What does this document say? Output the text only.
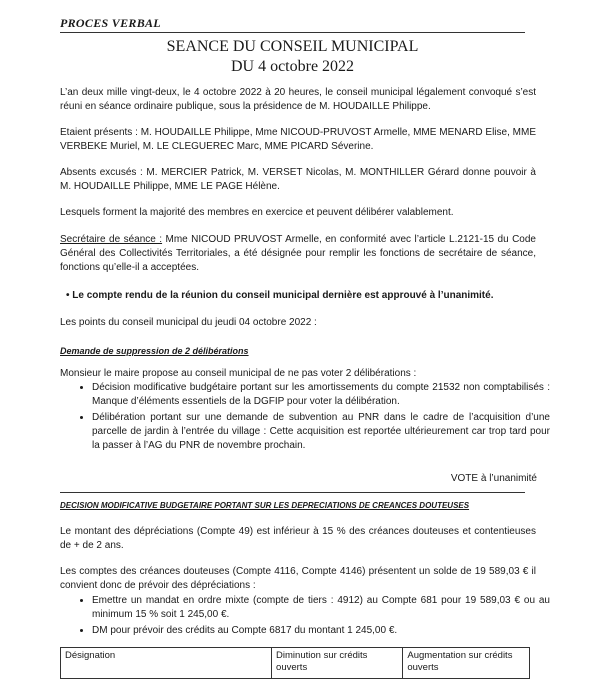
PROCES VERBAL
SEANCE DU CONSEIL MUNICIPAL
DU 4 octobre 2022

L’an deux mille vingt-deux, le 4 octobre 2022 à 20 heures, le conseil municipal légalement convoqué s’est réuni en séance ordinaire publique, sous la présidence de M. HOUDAILLE Philippe.

Etaient présents : M. HOUDAILLE Philippe, Mme NICOUD-PRUVOST Armelle, MME MENARD Elise, MME VERBEKE Muriel, M. LE CLEGUEREC Marc, MME PICARD Séverine.

Absents excusés : M. MERCIER Patrick, M. VERSET Nicolas, M. MONTHILLER Gérard donne pouvoir à M. HOUDAILLE Philippe, MME LE PAGE Hélène.

Lesquels forment la majorité des membres en exercice et peuvent délibérer valablement.

Secrétaire de séance : Mme NICOUD PRUVOST Armelle, en conformité avec l’article L.2121-15 du Code Général des Collectivités Territoriales, a été désignée pour remplir les fonctions de secrétaire de séance, fonctions qu’elle-il a acceptées.

• Le compte rendu de la réunion du conseil municipal dernière est approuvé à l’unanimité.

Les points du conseil municipal du jeudi 04 octobre 2022 :

Demande de suppression de 2 délibérations

Monsieur le maire propose au conseil municipal de ne pas voter 2 délibérations :

• Décision modificative budgétaire portant sur les amortissements du compte 21532 non comptabilisés : Manque d’éléments essentiels de la DGFIP pour voter la délibération.
• Délibération portant sur une demande de subvention au PNR dans le cadre de l’acquisition d’une parcelle de jardin à l’entrée du village : Cette acquisition est reportée ultérieurement car trop tard pour la passer à l’AG du PNR de novembre prochain.
VOTE à l’unanimité
DECISION MODIFICATIVE BUDGETAIRE PORTANT SUR LES DEPRECIATIONS DE CREANCES DOUTEUSES

Le montant des dépréciations (Compte 49) est inférieur à 15 % des créances douteuses et contentieuses de + de 2 ans.

Les comptes des créances douteuses (Compte 4116, Compte 4146) présentent un solde de 19 589,03 € il convient donc de prévoir des dépréciations :

• Emettre un mandat en ordre mixte (compte de tiers : 4912) au Compte 681 pour 19 589,03 € ou au minimum 15 % soit 1 245,00 €.
• DM pour prévoir des crédits au Compte 6817 du montant 1 245,00 €.
Désignation	Diminution sur crédits ouverts	Augmentation sur crédits ouverts
